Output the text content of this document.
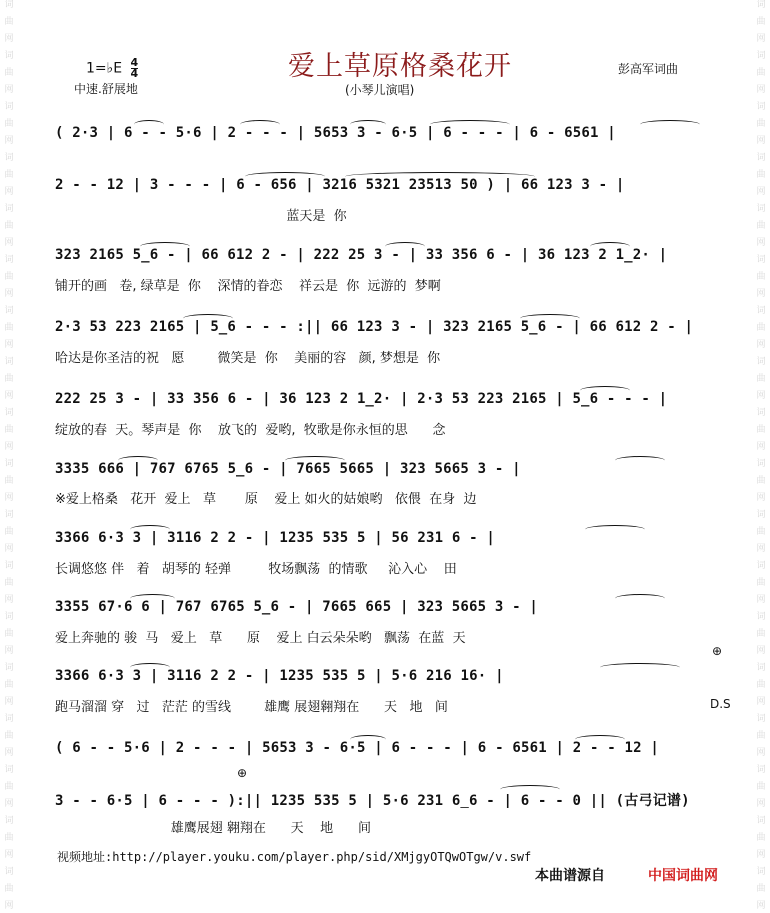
词
曲
网
词
曲
网
词
曲
网
词
曲
网
词
曲
网
词
曲
网
词
曲
网
词
曲
网
词
曲
网
词
曲
网
词
曲
网
词
曲
网
词
曲
网
词
曲
网
词
曲
网
词
曲
网
词
曲
网
词
曲
网
词
曲
网
词
曲
网
词
曲
网
词
曲
网
词
曲
网
词
曲
网
词
曲
网
词
曲
网
词
曲
网
词
曲
网
词
曲
网
词
曲
网
词
曲
网
词
曲
网
词
曲
网
词
曲
网
词
曲
网
词
曲
网
1=♭E $\frac{4}{4}$
中速.舒展地
爱上草原格桑花开
(小琴儿演唱)
彭高军词曲
( 2·3 | 6 - - 5·6 | 2 - - - | 5653 3 - 6·5 | 6 - - - | 6 - 6561 |
2 - - 12 | 3 - - - | 6 - 656 | 3216 5321 23513 50 ) | 66 123 3 - |
蓝天是  你
323 2165 5̲6 - | 66 612 2 - | 222 25 3 - | 33 356 6 - | 36 123 2 1̲2· |
铺开的画   卷, 绿草是  你    深情的眷恋    祥云是  你  远游的  梦啊
2·3 53 223 2165 | 5̲6 - - - :|| 66 123 3 - | 323 2165 5̲6 - | 66 612 2 - |
哈达是你圣洁的祝   愿        微笑是  你    美丽的容   颜, 梦想是  你
222 25 3 - | 33 356 6 - | 36 123 2 1̲2· | 2·3 53 223 2165 | 5̲6 - - - |
绽放的春  天。琴声是  你    放飞的  爱哟,  牧歌是你永恒的思      念
3335 666 | 767 6765 5̲6 - | 7665 5665 | 323 5665 3 - |
※爱上格桑   花开  爱上   草       原    爱上 如火的姑娘哟   依偎  在身  边
3366 6·3 3 | 3116 2 2 - | 1235 535 5 | 56 231 6 - |
长调悠悠 伴   着   胡琴的 轻弹         牧场飘荡  的情歌     沁入心    田
3355 67·6 6 | 767 6765 5̲6 - | 7665 665 | 323 5665 3 - |
爱上奔驰的 骏  马   爱上   草      原    爱上 白云朵朵哟   飘荡  在蓝  天
⊕
3366 6·3 3 | 3116 2 2 - | 1235 535 5 | 5·6 216 16· |
跑马溜溜 穿   过   茫茫 的雪线        雄鹰 展翅翱翔在      天   地   间	D.S
( 6 - - 5·6 | 2 - - - | 5653 3 - 6·5 | 6 - - - | 6 - 6561 | 2 - - 12 |
⊕
3 - - 6·5 | 6 - - - ):|| 1235 535 5 | 5·6 231 6̲6 - | 6 - - 0 || (古弓记谱)
雄鹰展翅 翱翔在      天    地      间
视频地址:http://player.youku.com/player.php/sid/XMjgyOTQwOTgw/v.swf
本曲谱源自	中国词曲网
